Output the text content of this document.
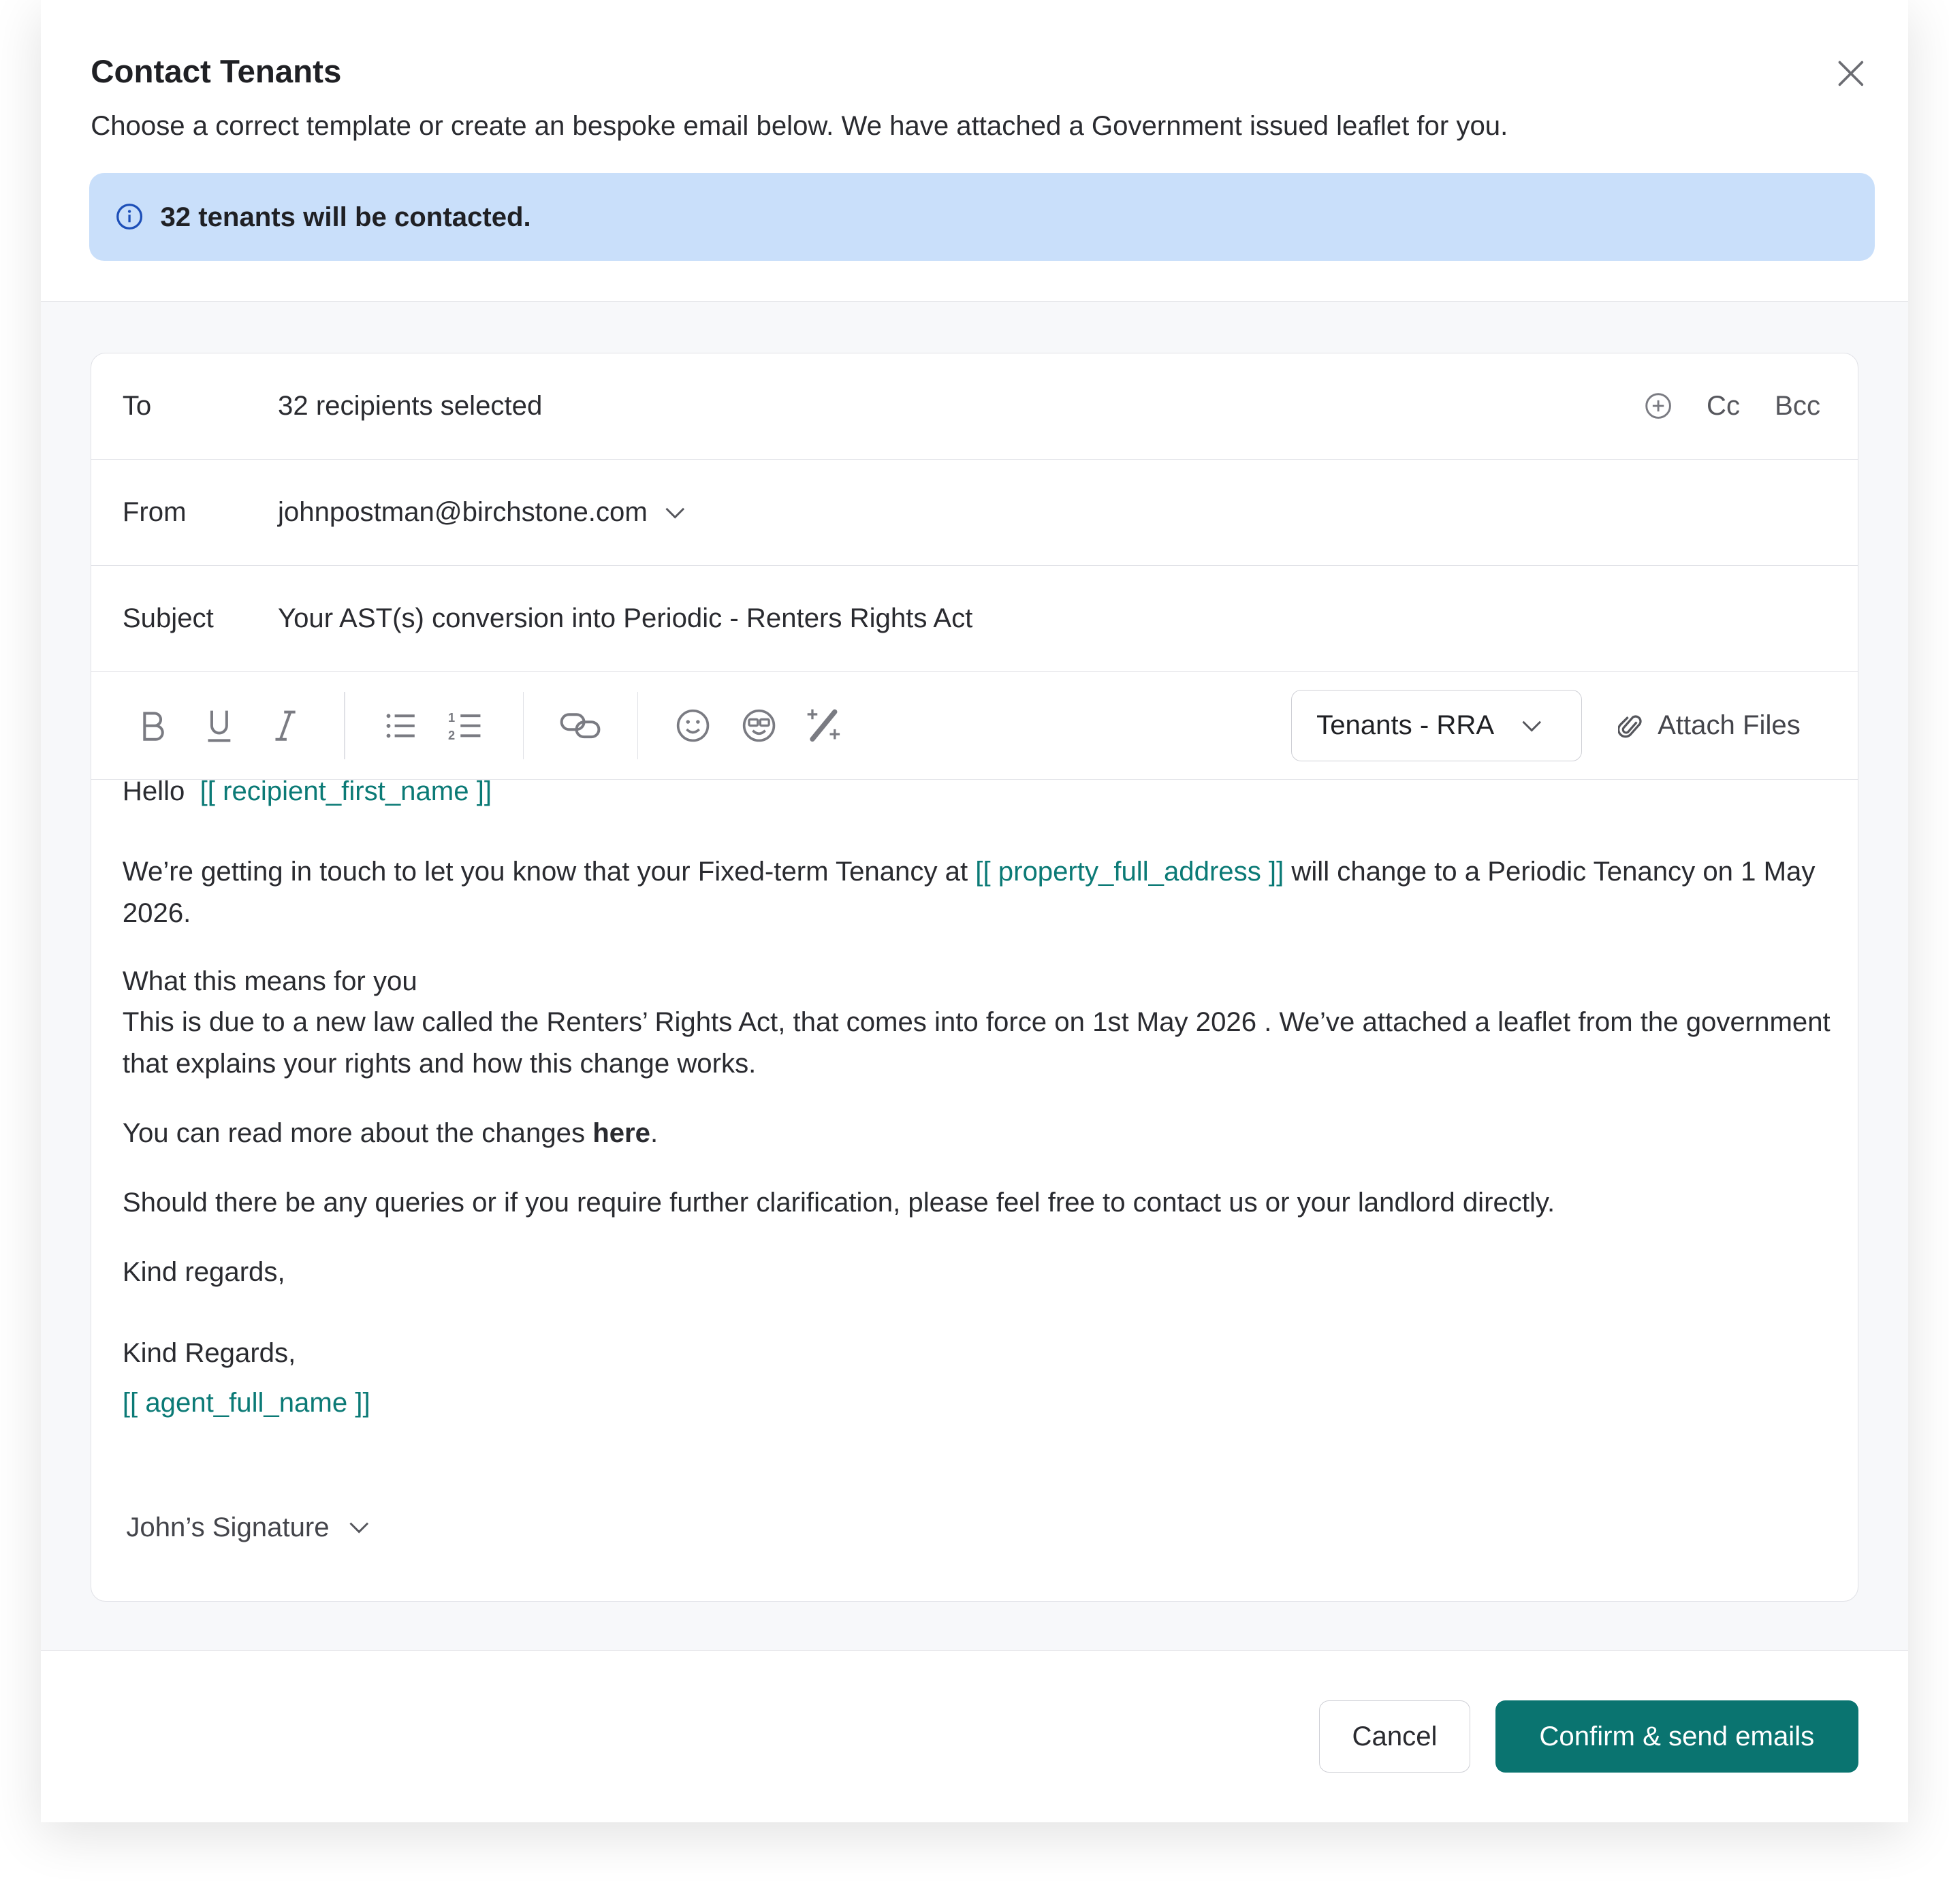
Contact Tenants
Choose a correct template or create an bespoke email below. We have attached a Government issued leaflet for you.
32 tenants will be contacted.
To	32 recipients selected	Cc Bcc
From	johnpostman@birchstone.com
Subject	Your AST(s) conversion into Periodic - Renters Rights Act
1
2	Tenants - RRA	Attach Files

Hello  [[ recipient_first_name ]]

We’re getting in touch to let you know that your Fixed-term Tenancy at [[ property_full_address ]] will change to a Periodic Tenancy on 1 May 2026.

What this means for you

This is due to a new law called the Renters’ Rights Act, that comes into force on 1st May 2026 . We’ve attached a leaflet from the government that explains your rights and how this change works.

You can read more about the changes here.

Should there be any queries or if you require further clarification, please feel free to contact us or your landlord directly.

Kind regards,

Kind Regards,

[[ agent_full_name ]]

John’s Signature
Cancel	Confirm & send emails
